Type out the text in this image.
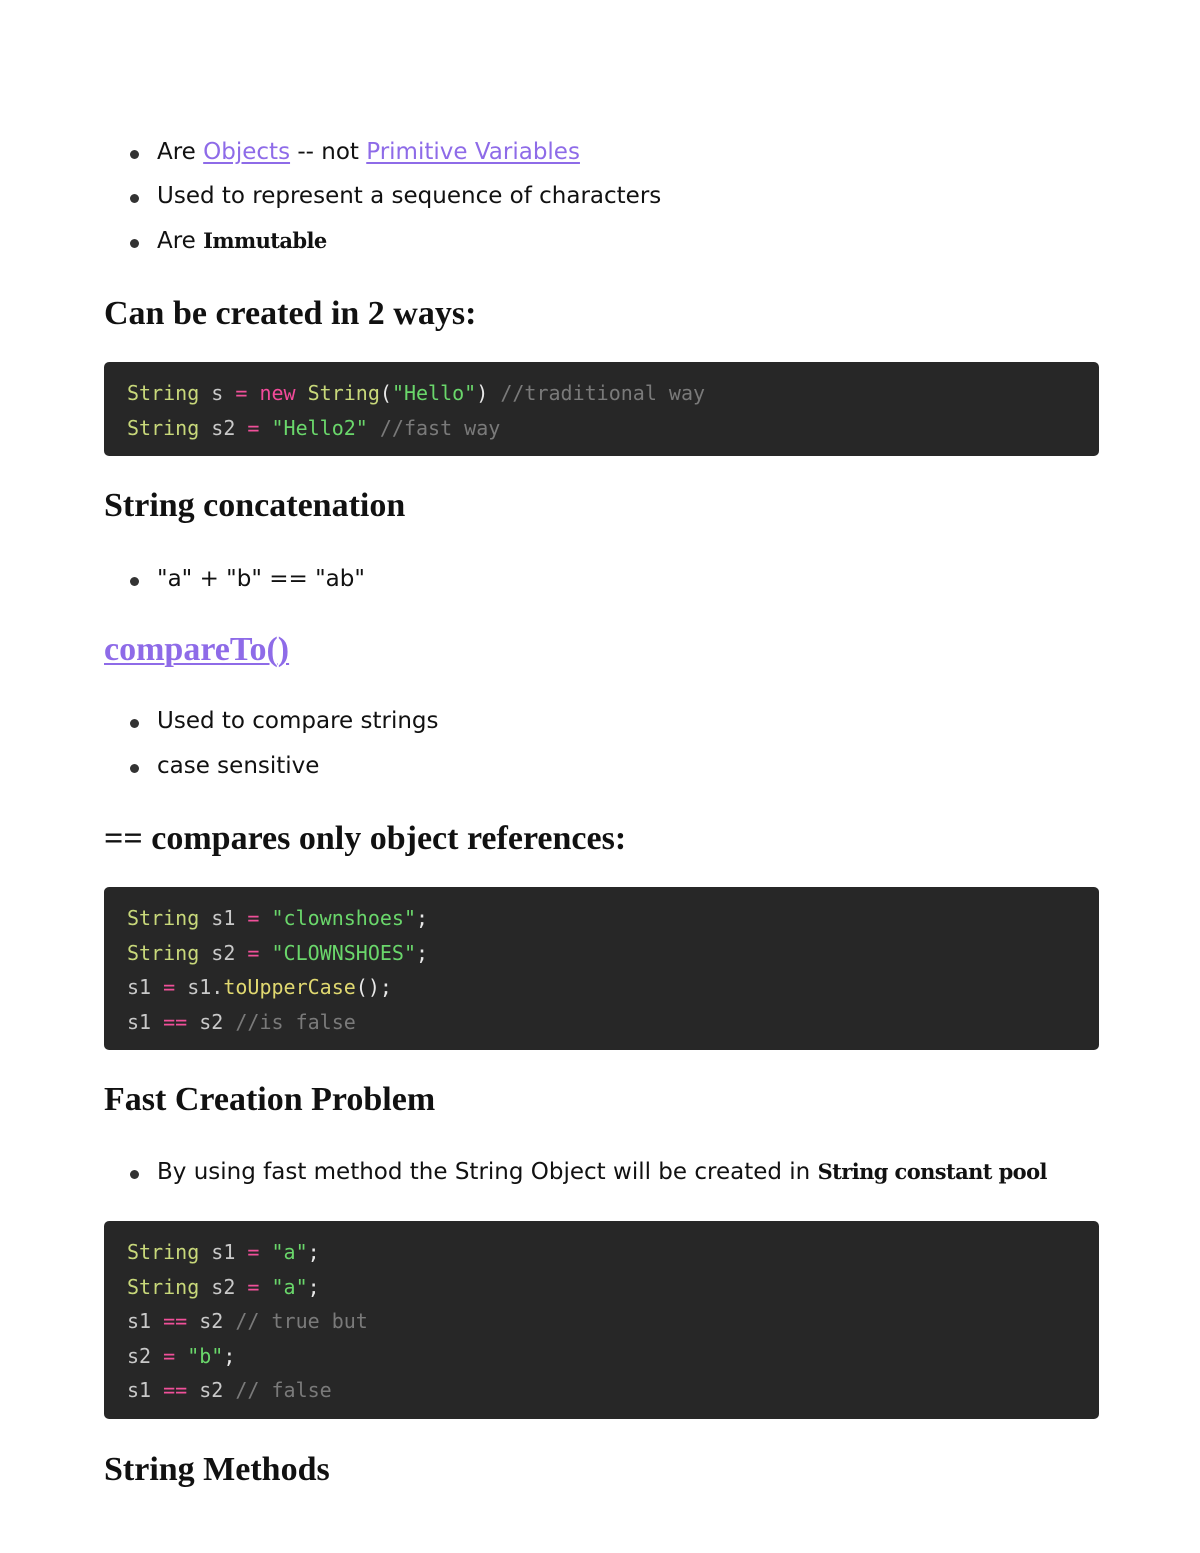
Are Objects -- not Primitive Variables
Used to represent a sequence of characters
Are Immutable
Can be created in 2 ways:
String s = new String("Hello") //traditional way
String s2 = "Hello2" //fast way
String concatenation
"a" + "b" == "ab"
compareTo()
Used to compare strings
case sensitive
== compares only object references:
String s1 = "clownshoes";
String s2 = "CLOWNSHOES";
s1 = s1.toUpperCase();
s1 == s2 //is false
Fast Creation Problem
By using fast method the String Object will be created in String constant pool
String s1 = "a";
String s2 = "a";
s1 == s2 // true but
s2 = "b";
s1 == s2 // false
String Methods
